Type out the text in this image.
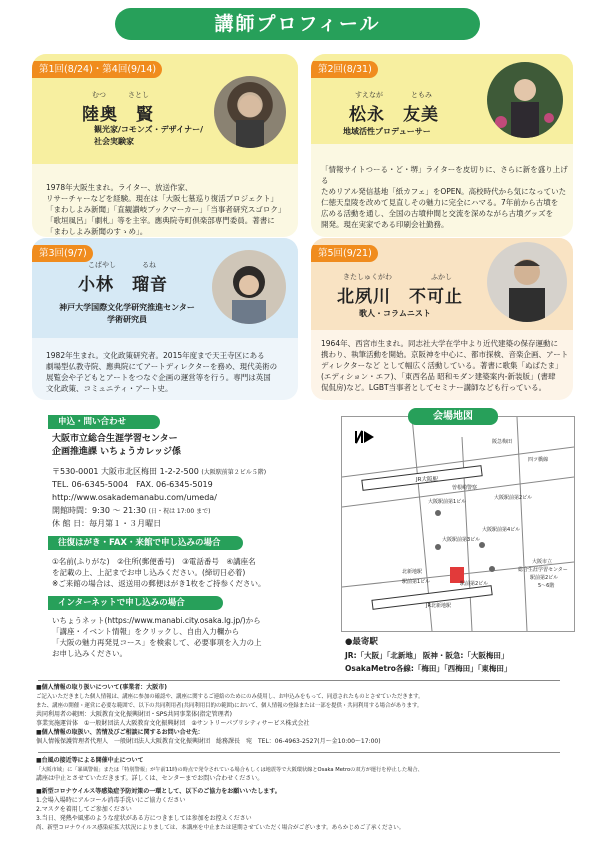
講師プロフィール
第1回(8/24)・第4回(9/14)
むつ	さとし
陸奥　賢
観光家/コモンズ・デザイナー/
社会実験家
1978年大阪生まれ。ライター、放送作家、
リサーチャーなどを経験。現在は「大阪七墓巡り復活プロジェクト」
「まわしよみ新聞」「直観讃岐ブックマーカー」「当事者研究スゴロク」
「歌垣風呂」「劇札」等を主宰。應典院寺町倶楽部専門委員。著書に
「まわしよみ新聞のすゝめ」。
第2回(8/31)
すえなが	ともみ
松永　友美
地域活性プロデューサー
「情報サイトつーる・ど・堺」ライターを皮切りに、さらに新を盛り上げる
ためリアル発信基地「紙カフェ」をOPEN。高校時代から気になっていた
仁徳天皇陵を改めて見直しその魅力に完全にハマる。7年前から古墳を
広める活動を通し、全国の古墳仲間と交流を深めながら古墳グッズを
開発。現在実家である印刷会社勤務。
第3回(9/7)
こばやし	るね
小林　瑠音
神戸大学国際文化学研究推進センター
学術研究員
1982年生まれ。文化政策研究者。2015年度まで天王寺区にある
劇場型仏教寺院、應典院にてアートディレクターを務め、現代美術の
展覧会や子どもとアートをつなぐ企画の運営等を行う。専門は英国
文化政策、コミュニティ・アート史。
第5回(9/21)
きたしゅくがわ	ふかし
北夙川　不可止
歌人・コラムニスト
1964年、西宮市生まれ。同志社大学在学中より近代建築の保存運動に
携わり、執筆活動を開始。京阪神を中心に、都市探検、音楽企画、アート
ディレクターなど として幅広く活動している。著書に歌集「ぬばたま」
(エディション・エフ)、「東西名品 昭和モダン建築案内-新装版」(書肆
侃侃房)など。LGBT当事者としてセミナー講師なども行っている。
申込・問い合わせ
大阪市立総合生涯学習センター
企画推進課 いちょうカレッジ係
〒530-0001 大阪市北区梅田 1-2-2-500 (大阪駅前第２ビル５階)
TEL. 06-6345-5004　FAX. 06-6345-5019
http://www.osakademanabu.com/umeda/
開館時間：9:30 ～ 21:30 (日・祝は 17:00 まで)
休 館 日：毎月第１・３月曜日
往復はがき・FAX・来館で申し込みの場合
①名前(ふりがな)　②住所(郵便番号)　③電話番号　④講座名
を記載の上、上記までお申し込みください。(締切日必着)
※ご来館の場合は、返送用の郵便はがき1枚をご持参ください。
インターネットで申し込みの場合
いちょうネット(https://www.manabi.city.osaka.lg.jp/)から
「講座・イベント情報」をクリックし、自由入力欄から
「大阪の魅力再発見コース」を検索して、必要事項を入力の上
お申し込みください。
JR大阪駅
大阪駅前第1ビル
大阪駅前第3ビル
大阪駅前第4ビル
曽根崎警察
北新地駅
四ツ橋線
大阪駅前第2ビル
駅前第1ビル	駅前第2ビル
大阪市立
総合生涯学習センター
駅前第2ビル
5～6階
JR北新地駅
阪急梅田
会場地図
●最寄駅
JR:「大阪」「北新地」 阪神・阪急:「大阪梅田」
OsakaMetro各線:「梅田」「西梅田」「東梅田」
■個人情報の取り扱いについて(事業者：大阪市)
ご記入いただきました個人情報は、講座に参加の確認や、講座に関するご連絡のためにのみ使用し、お申込みをもって、同意されたものとさせていただきます。
また、講座の開催・運営に必要な範囲で、以下の共同利用者(共同利用目的の範囲)において、個人情報の登録または一部を提供・共同利用する場合があります。
共同利用者の範囲：大阪教育文化振興財団・SPS共同事業体(指定管理者)
事業実施運営体　①一般財団法人大阪教育文化振興財団　②サントリーパブリシティサービス株式会社
■個人情報の取扱い、苦情及びご相談に関するお問い合せ先：
個人情報保護管理者代理人　一般財団法人大阪教育文化振興財団　総務課長　宛　TEL：06-4963-2527(月～金10:00～17:00)
■台風の接近等による開催中止について
「大阪市域」に「暴風警報」または「特別警報」が午前11時の時点で発令されている場合もしくは地震等で大阪環状線とOsaka Metroの双方が運行を停止した場合、
講座は中止とさせていただきます。詳しくは、センターまでお問い合わせください。
■新型コロナウイルス等感染症予防対策の一環として、以下のご協力をお願いいたします。
1.会場入場時にアルコール消毒手洗いにご協力ください
2.マスクを着用してご参加ください
3.当日、発熱や風邪のような症状がある方につきましては参加をお控えください
尚、新型コロナウイルス感染症拡大状況によりましては、本講座を中止または延期させていただく場合がございます。あらかじめご了承ください。
